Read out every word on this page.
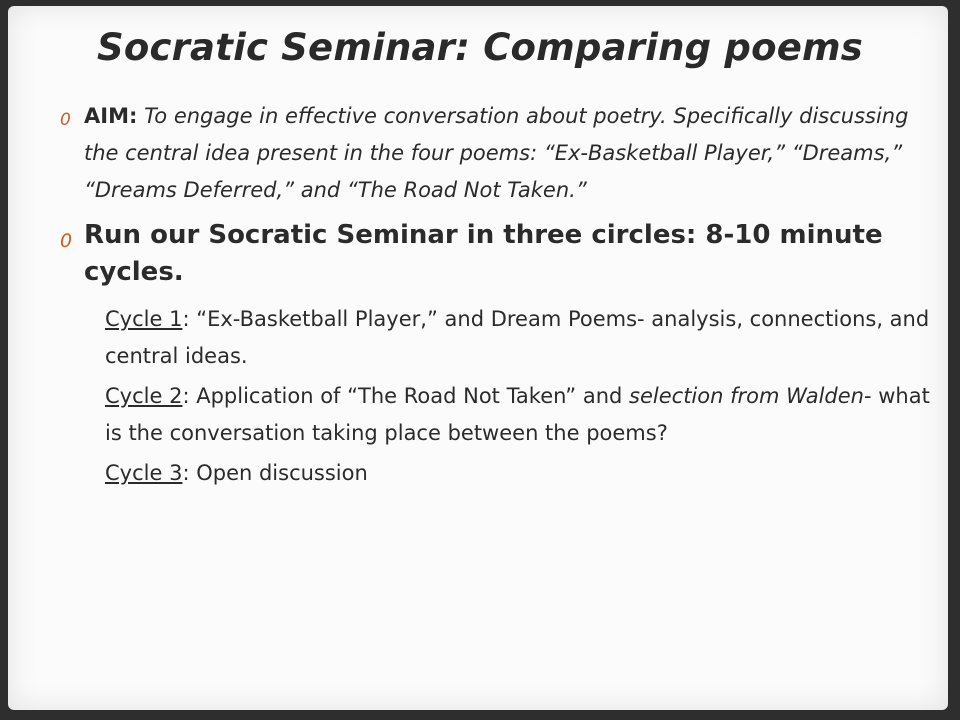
Socratic Seminar: Comparing poems
0 AIM: To engage in effective conversation about poetry. Specifically discussing the central idea present in the four poems: “Ex-Basketball Player,” “Dreams,” “Dreams Deferred,” and “The Road Not Taken.”
0 Run our Socratic Seminar in three circles: 8-10 minute cycles.
Cycle 1: “Ex-Basketball Player,” and Dream Poems- analysis, connections, and central ideas.
Cycle 2: Application of “The Road Not Taken” and selection from Walden- what is the conversation taking place between the poems?
Cycle 3: Open discussion
